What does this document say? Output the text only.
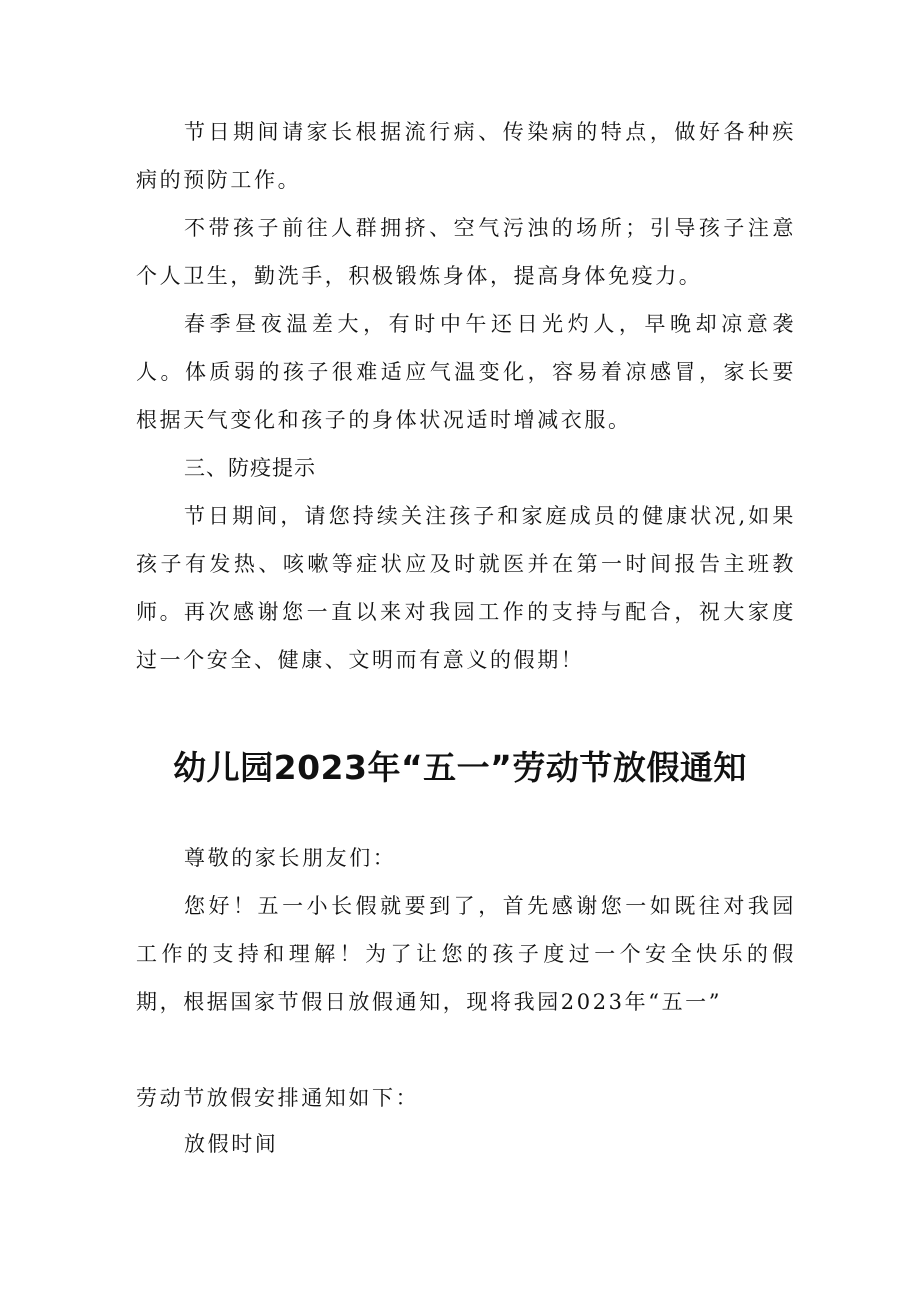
节日期间请家长根据流行病、传染病的特点，做好各种疾病的预防工作。

不带孩子前往人群拥挤、空气污浊的场所；引导孩子注意个人卫生，勤洗手，积极锻炼身体，提高身体免疫力。

春季昼夜温差大，有时中午还日光灼人，早晚却凉意袭人。体质弱的孩子很难适应气温变化，容易着凉感冒，家长要根据天气变化和孩子的身体状况适时增减衣服。

三、防疫提示

节日期间，请您持续关注孩子和家庭成员的健康状况,如果孩子有发热、咳嗽等症状应及时就医并在第一时间报告主班教师。 再次感谢您一直以来对我园工作的支持与配合，祝大家度过一个安全、健康、文明而有意义的假期！

幼儿园2023年“五一”劳动节放假通知

尊敬的家长朋友们：

您好！五一小长假就要到了，首先感谢您一如既往对我园工作的支持和理解！为了让您的孩子度过一个安全快乐的假期，根据国家节假日放假通知，现将我园2023年“五一”

劳动节放假安排通知如下：

放假时间
